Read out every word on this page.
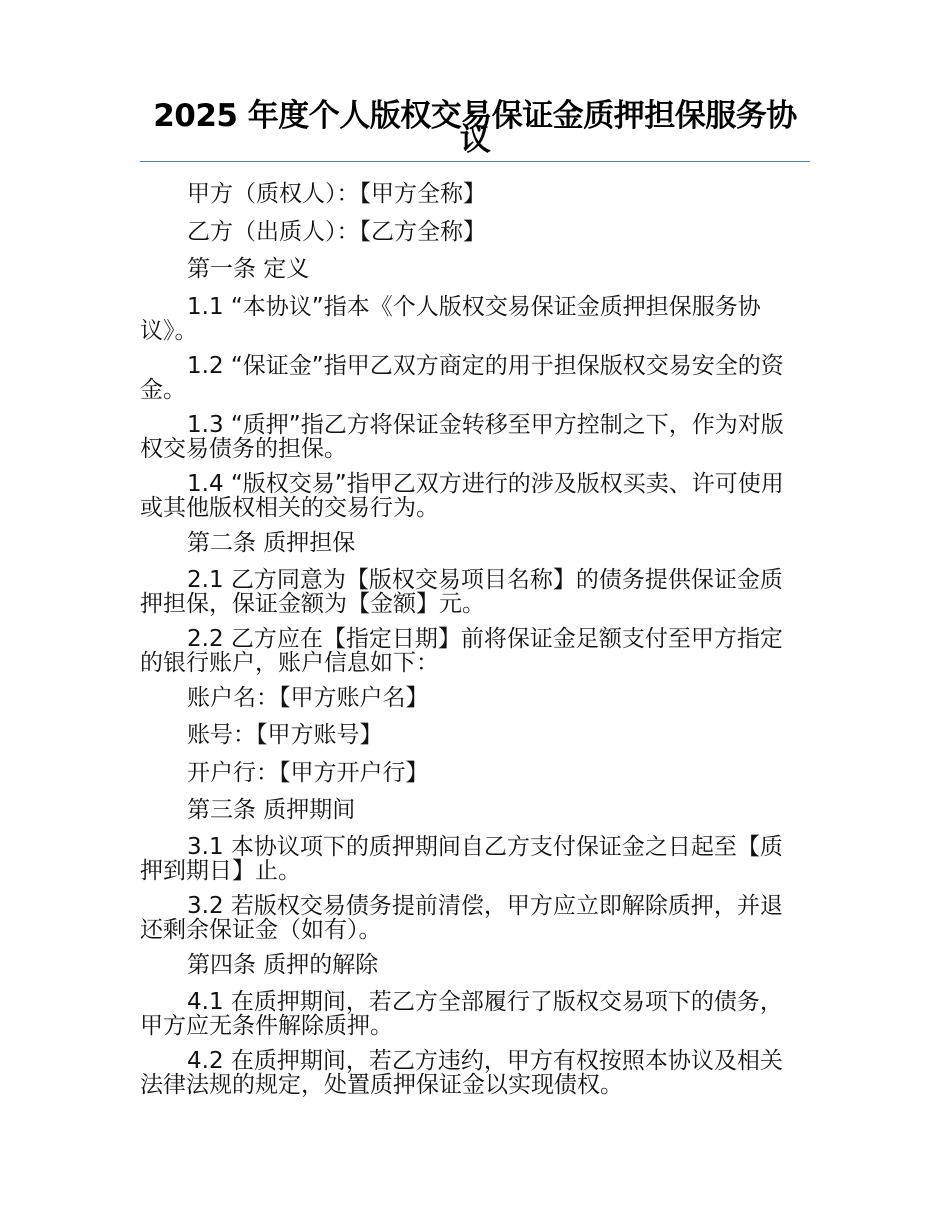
2025 年度个人版权交易保证金质押担保服务协议

甲方（质权人）：【甲方全称】

乙方（出质人）：【乙方全称】

第一条 定义

1.1 “本协议”指本《个人版权交易保证金质押担保服务协议》。

1.2 “保证金”指甲乙双方商定的用于担保版权交易安全的资金。

1.3 “质押”指乙方将保证金转移至甲方控制之下，作为对版权交易债务的担保。

1.4 “版权交易”指甲乙双方进行的涉及版权买卖、许可使用或其他版权相关的交易行为。

第二条 质押担保

2.1 乙方同意为【版权交易项目名称】的债务提供保证金质押担保，保证金额为【金额】元。

2.2 乙方应在【指定日期】前将保证金足额支付至甲方指定的银行账户，账户信息如下：

账户名：【甲方账户名】

账号：【甲方账号】

开户行：【甲方开户行】

第三条 质押期间

3.1 本协议项下的质押期间自乙方支付保证金之日起至【质押到期日】止。

3.2 若版权交易债务提前清偿，甲方应立即解除质押，并退还剩余保证金（如有）。

第四条 质押的解除

4.1 在质押期间，若乙方全部履行了版权交易项下的债务，甲方应无条件解除质押。

4.2 在质押期间，若乙方违约，甲方有权按照本协议及相关法律法规的规定，处置质押保证金以实现债权。
